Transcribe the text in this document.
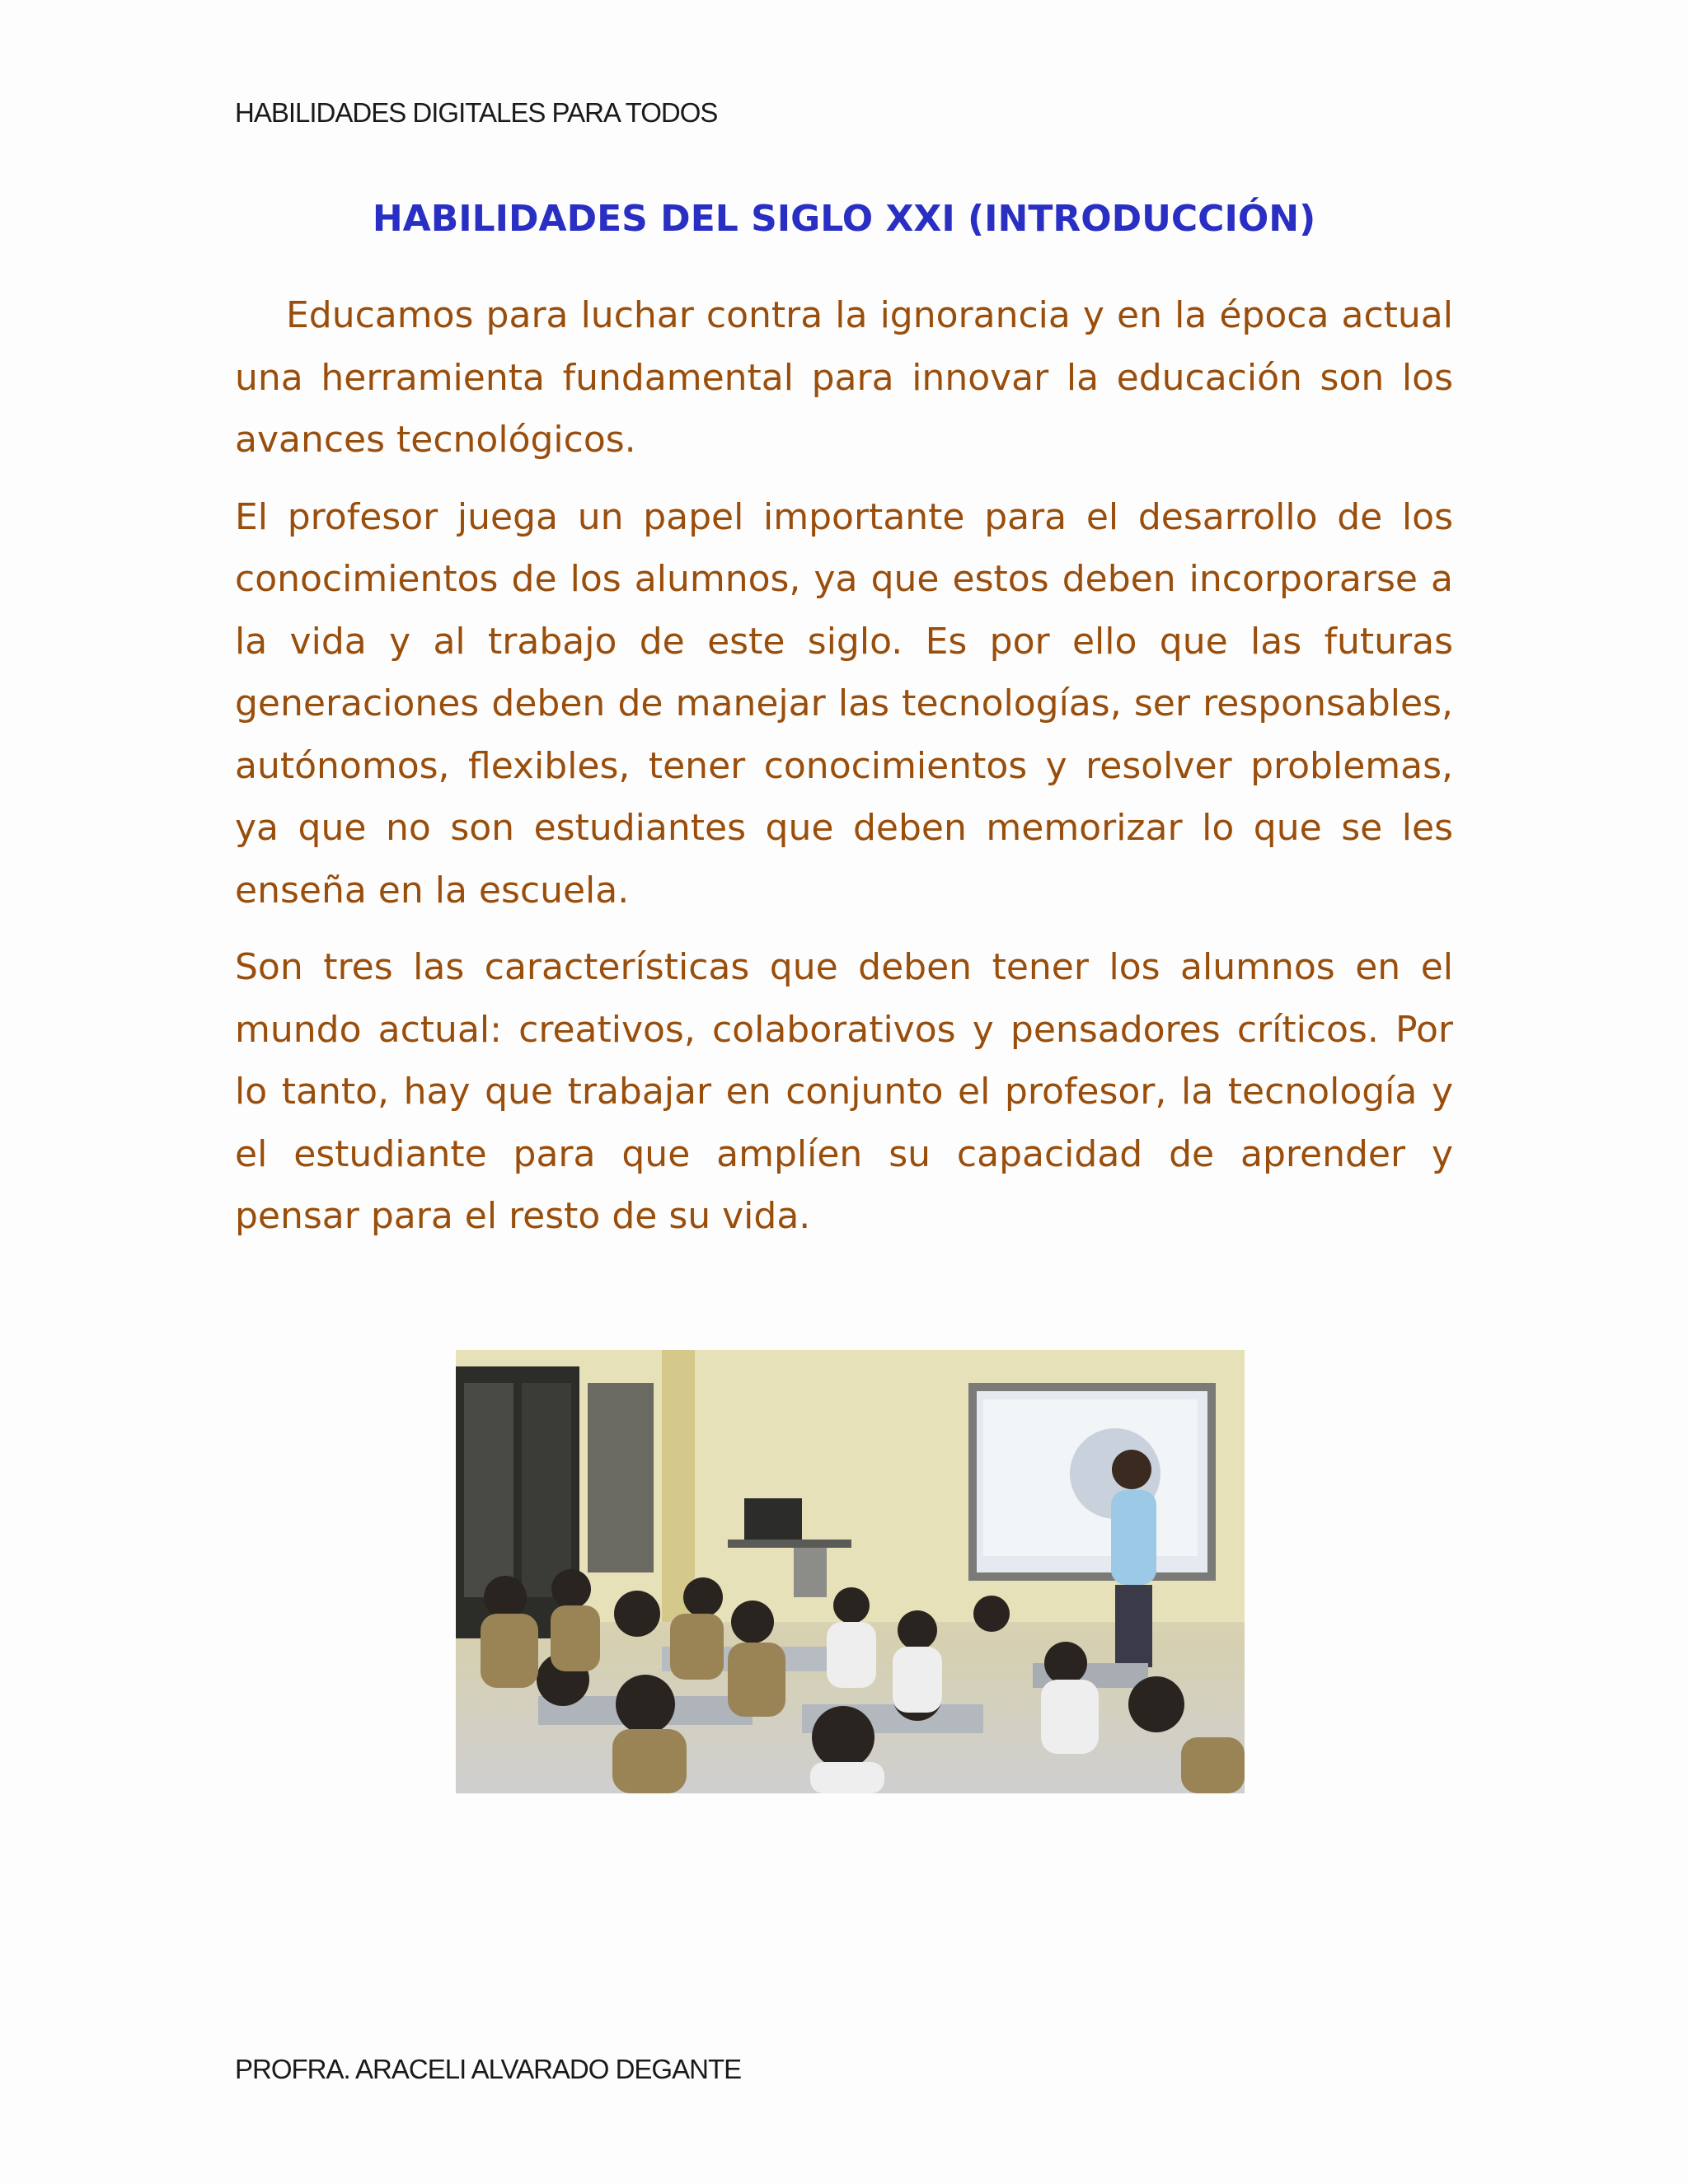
HABILIDADES DIGITALES PARA TODOS
HABILIDADES DEL SIGLO XXI (INTRODUCCIÓN)

Educamos para luchar contra la ignorancia y en la época actual una herramienta fundamental para innovar la educación son los avances tecnológicos.

El profesor juega un papel importante para el desarrollo de los conocimientos de los alumnos, ya que estos deben incorporarse a la vida y al trabajo de este siglo. Es por ello que las futuras generaciones deben de manejar las tecnologías, ser responsables, autónomos, flexibles, tener conocimientos y resolver problemas, ya que no son estudiantes que deben memorizar lo que se les enseña en la escuela.

Son tres las características que deben tener los alumnos en el mundo actual: creativos, colaborativos y pensadores críticos. Por lo tanto, hay que trabajar en conjunto el profesor, la tecnología y el estudiante para que amplíen su capacidad de aprender y pensar para el resto de su vida.

PROFRA. ARACELI ALVARADO DEGANTE
